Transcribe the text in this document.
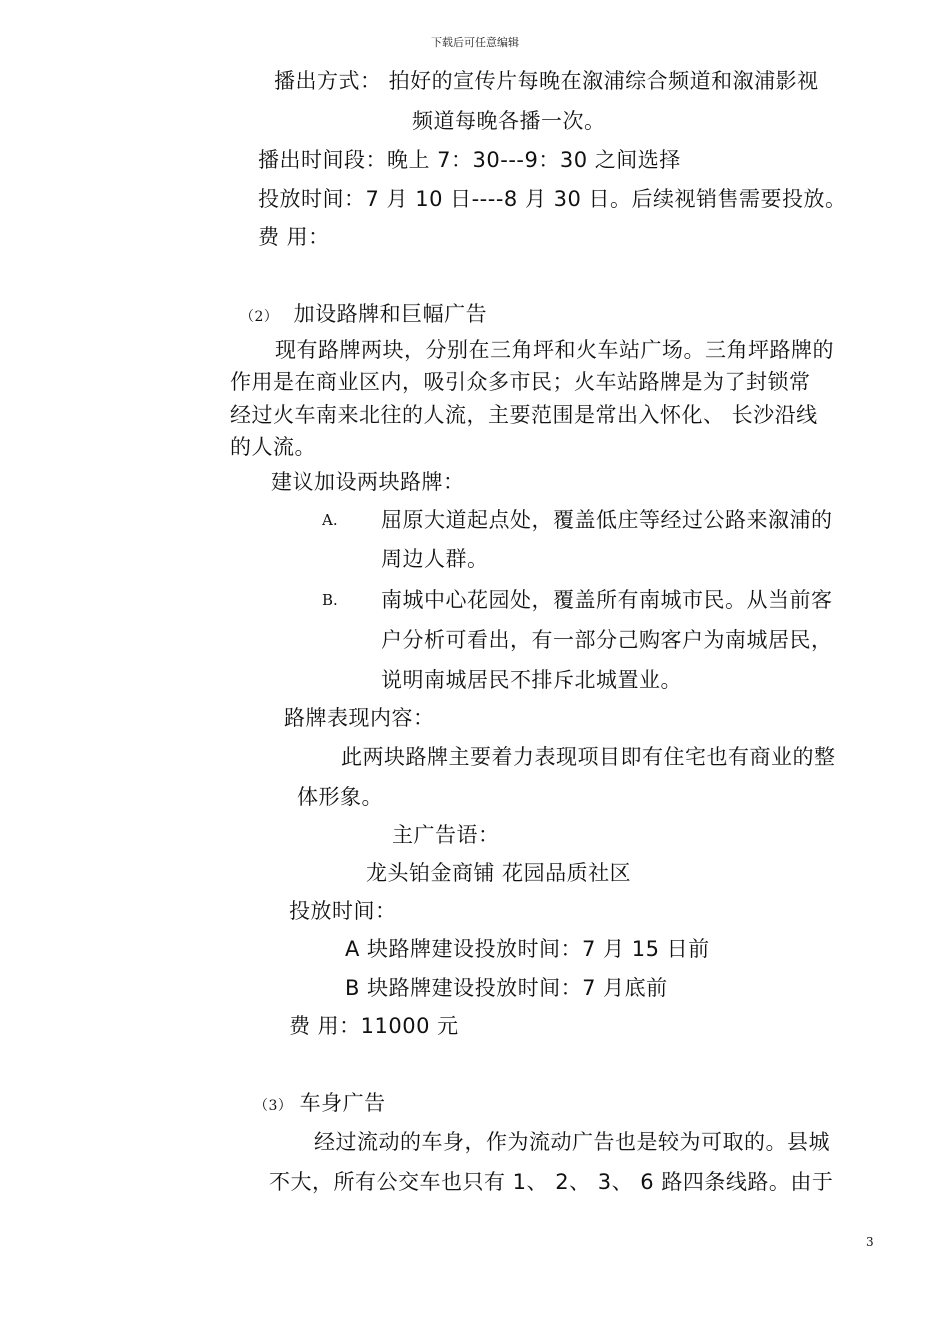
下载后可任意编辑
播出方式： 拍好的宣传片每晚在溆浦综合频道和溆浦影视
频道每晚各播一次。
播出时间段：晚上 7：30---9：30 之间选择
投放时间：7 月 10 日----8 月 30 日。后续视销售需要投放。
费 用：
（2） 加设路牌和巨幅广告
现有路牌两块，分别在三角坪和火车站广场。三角坪路牌的
作用是在商业区内，吸引众多市民；火车站路牌是为了封锁常
经过火车南来北往的人流，主要范围是常出入怀化、 长沙沿线
的人流。
建议加设两块路牌：
A. 屈原大道起点处，覆盖低庄等经过公路来溆浦的
周边人群。
B. 南城中心花园处，覆盖所有南城市民。从当前客
户分析可看出，有一部分己购客户为南城居民，
说明南城居民不排斥北城置业。
路牌表现内容：
此两块路牌主要着力表现项目即有住宅也有商业的整
体形象。
主广告语：
龙头铂金商铺 花园品质社区
投放时间：
A 块路牌建设投放时间：7 月 15 日前
B 块路牌建设投放时间：7 月底前
费 用：11000 元
（3） 车身广告
经过流动的车身，作为流动广告也是较为可取的。县城
不大，所有公交车也只有 1、 2、 3、 6 路四条线路。由于
3
